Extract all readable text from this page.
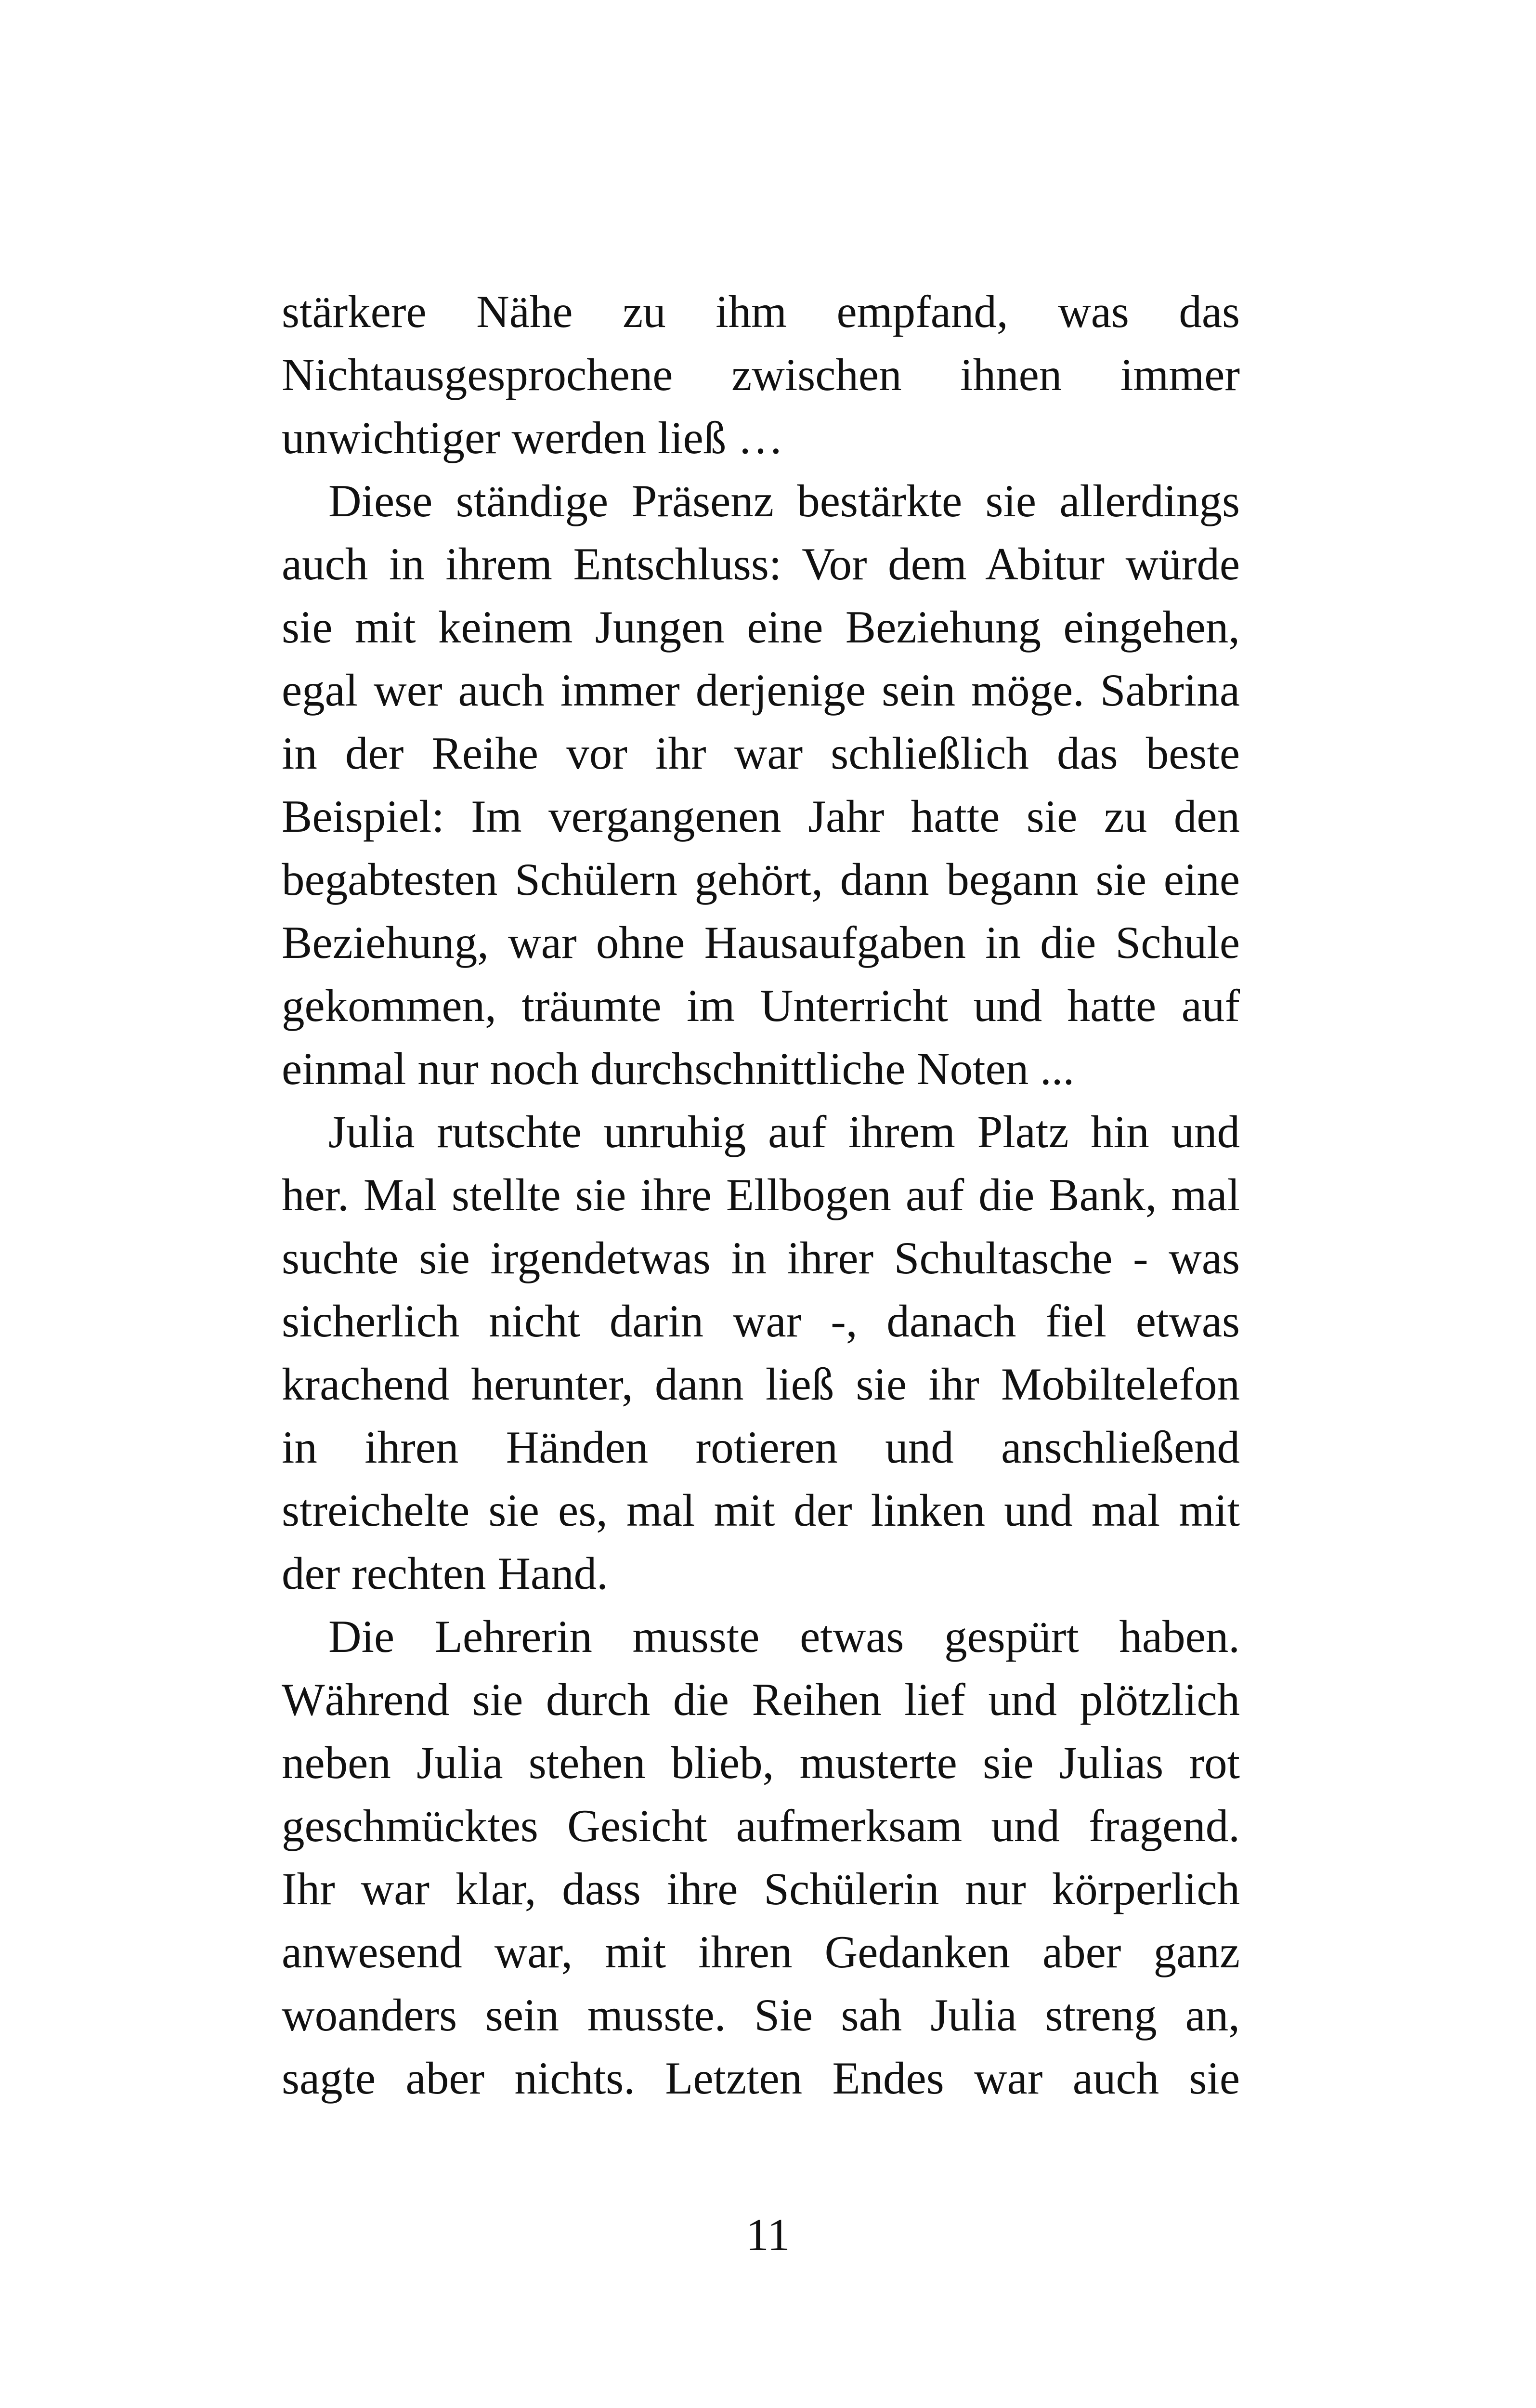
stärkere Nähe zu ihm empfand, was das
Nichtausgesprochene zwischen ihnen immer
unwichtiger werden ließ …
Diese ständige Präsenz bestärkte sie allerdings
auch in ihrem Entschluss: Vor dem Abitur würde
sie mit keinem Jungen eine Beziehung eingehen,
egal wer auch immer derjenige sein möge. Sabrina
in der Reihe vor ihr war schließlich das beste
Beispiel: Im vergangenen Jahr hatte sie zu den
begabtesten Schülern gehört, dann begann sie eine
Beziehung, war ohne Hausaufgaben in die Schule
gekommen, träumte im Unterricht und hatte auf
einmal nur noch durchschnittliche Noten ...
Julia rutschte unruhig auf ihrem Platz hin und
her. Mal stellte sie ihre Ellbogen auf die Bank, mal
suchte sie irgendetwas in ihrer Schultasche - was
sicherlich nicht darin war -, danach fiel etwas
krachend herunter, dann ließ sie ihr Mobiltelefon
in ihren Händen rotieren und anschließend
streichelte sie es, mal mit der linken und mal mit
der rechten Hand.
Die Lehrerin musste etwas gespürt haben.
Während sie durch die Reihen lief und plötzlich
neben Julia stehen blieb, musterte sie Julias rot
geschmücktes Gesicht aufmerksam und fragend.
Ihr war klar, dass ihre Schülerin nur körperlich
anwesend war, mit ihren Gedanken aber ganz
woanders sein musste. Sie sah Julia streng an,
sagte aber nichts. Letzten Endes war auch sie
11
